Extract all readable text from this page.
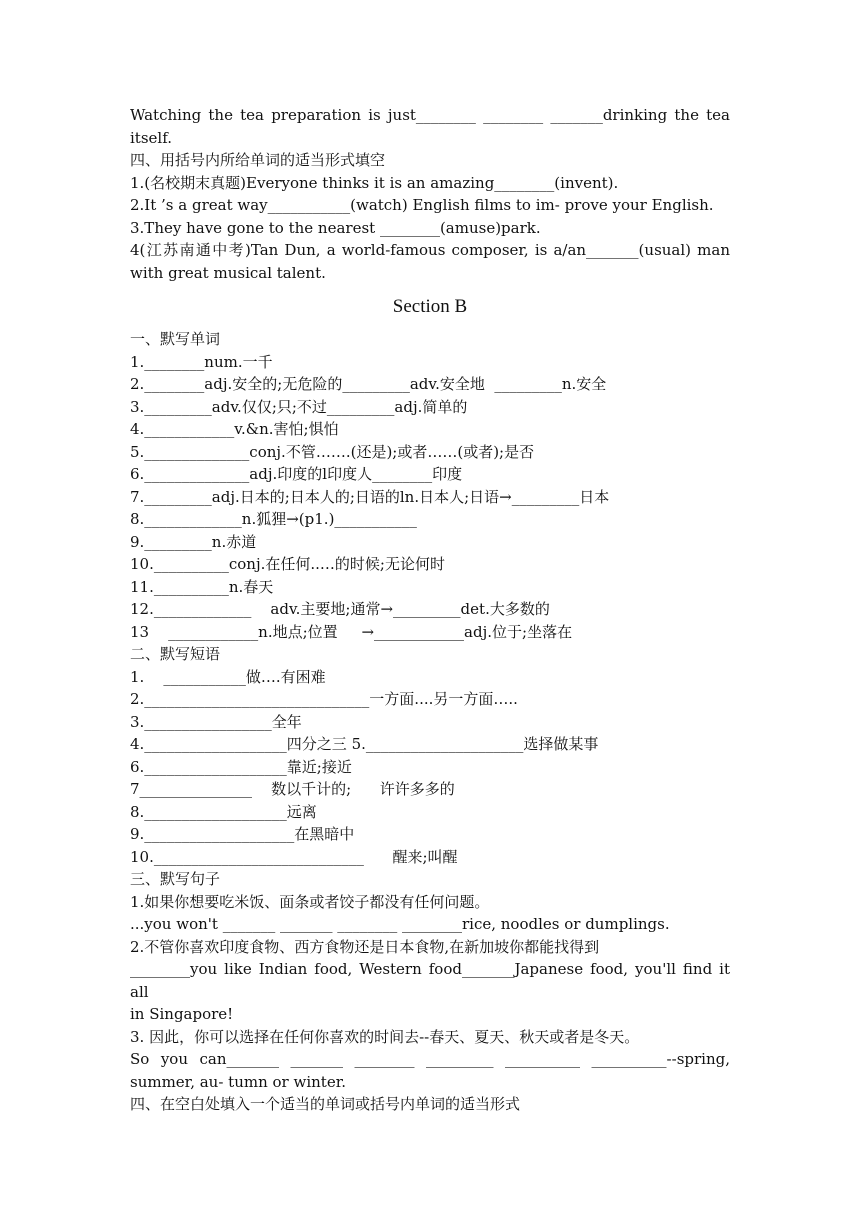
Watching the tea preparation is just________ ________ _______drinking the tea
itself.
四、用括号内所给单词的适当形式填空
1.(名校期末真题)Everyone thinks it is an amazing________(invent).
2.It ’s a great way___________(watch) English films to im- prove your English.
3.They have gone to the nearest ________(amuse)park.
4(江苏南通中考)Tan Dun, a world-famous composer, is a/an_______(usual) man
with great musical talent.
Section B
一、默写单词
1.________num.一千
2.________adj.安全的;无危险的_________adv.安全地  _________n.安全
3._________adv.仅仅;只;不过_________adj.简单的
4.____________v.&n.害怕;惧怕
5.______________conj.不管…….(还是);或者……(或者);是否
6.______________adj.印度的l印度人________印度
7._________adj.日本的;日本人的;日语的ln.日本人;日语→_________日本
8._____________n.狐狸→(p1.)___________
9._________n.赤道
10.__________conj.在任何..…的时候;无论何时
11.__________n.春天
12._____________    adv.主要地;通常→_________det.大多数的
13    ____________n.地点;位置     →____________adj.位于;坐落在
二、默写短语
1.    ___________做….有困难
2.______________________________一方面....另一方面…..
3._________________全年
4.___________________四分之三 5._____________________选择做某事
6.___________________靠近;接近
7_______________    数以千计的;      许许多多的
8.___________________远离
9.____________________在黑暗中
10.____________________________      醒来;叫醒
三、默写句子
1.如果你想要吃米饭、面条或者饺子都没有任何问题。
...you won't _______ _______ ________ ________rice, noodles or dumplings.
2.不管你喜欢印度食物、西方食物还是日本食物,在新加坡你都能找得到
________you like Indian food, Western food_______Japanese food, you'll find it all
in Singapore!
3. 因此，你可以选择在任何你喜欢的时间去--春天、夏天、秋天或者是冬天。
So you can_______ _______ ________ _________ __________ __________--spring,
summer, au- tumn or winter.
四、在空白处填入一个适当的单词或括号内单词的适当形式
